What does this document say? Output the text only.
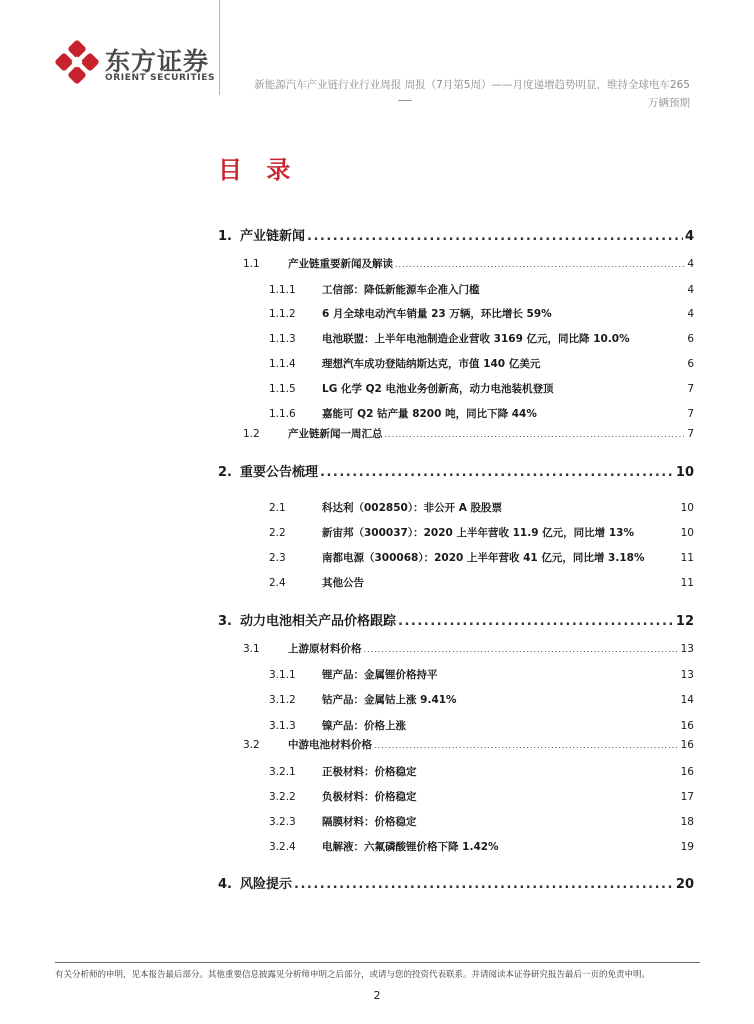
东方证券
ORIENT SECURITIES
新能源汽车产业链行业行业周报 周报（7月第5周）——月度递增趋势明显，维持全球电车265
万辆预期
目 录
1. 产业链新闻 .....	4
1.1	产业链重要新闻及解读 .....	4
1.1.1	工信部：降低新能源车企准入门槛	4
1.1.2	6 月全球电动汽车销量 23 万辆，环比增长 59%	4
1.1.3	电池联盟：上半年电池制造企业营收 3169 亿元，同比降 10.0%	6
1.1.4	理想汽车成功登陆纳斯达克，市值 140 亿美元	6
1.1.5	LG 化学 Q2 电池业务创新高，动力电池装机登顶	7
1.1.6	嘉能可 Q2 钴产量 8200 吨，同比下降 44%	7
1.2	产业链新闻一周汇总 .....	7
2. 重要公告梳理 .....	10
2.1	科达利（002850）：非公开 A 股股票	10
2.2	新宙邦（300037）：2020 上半年营收 11.9 亿元，同比增 13%	10
2.3	南都电源（300068）：2020 上半年营收 41 亿元，同比增 3.18%	11
2.4	其他公告	11
3. 动力电池相关产品价格跟踪 .....	12
3.1	上游原材料价格 .....	13
3.1.1	锂产品：金属锂价格持平	13
3.1.2	钴产品：金属钴上涨 9.41%	14
3.1.3	镍产品：价格上涨	16
3.2	中游电池材料价格 .....	16
3.2.1	正极材料：价格稳定	16
3.2.2	负极材料：价格稳定	17
3.2.3	隔膜材料：价格稳定	18
3.2.4	电解液：六氟磷酸锂价格下降 1.42%	19
4. 风险提示 .....	20
有关分析师的申明，见本报告最后部分。其他重要信息披露见分析师申明之后部分，或请与您的投资代表联系。并请阅读本证券研究报告最后一页的免责申明。
2
